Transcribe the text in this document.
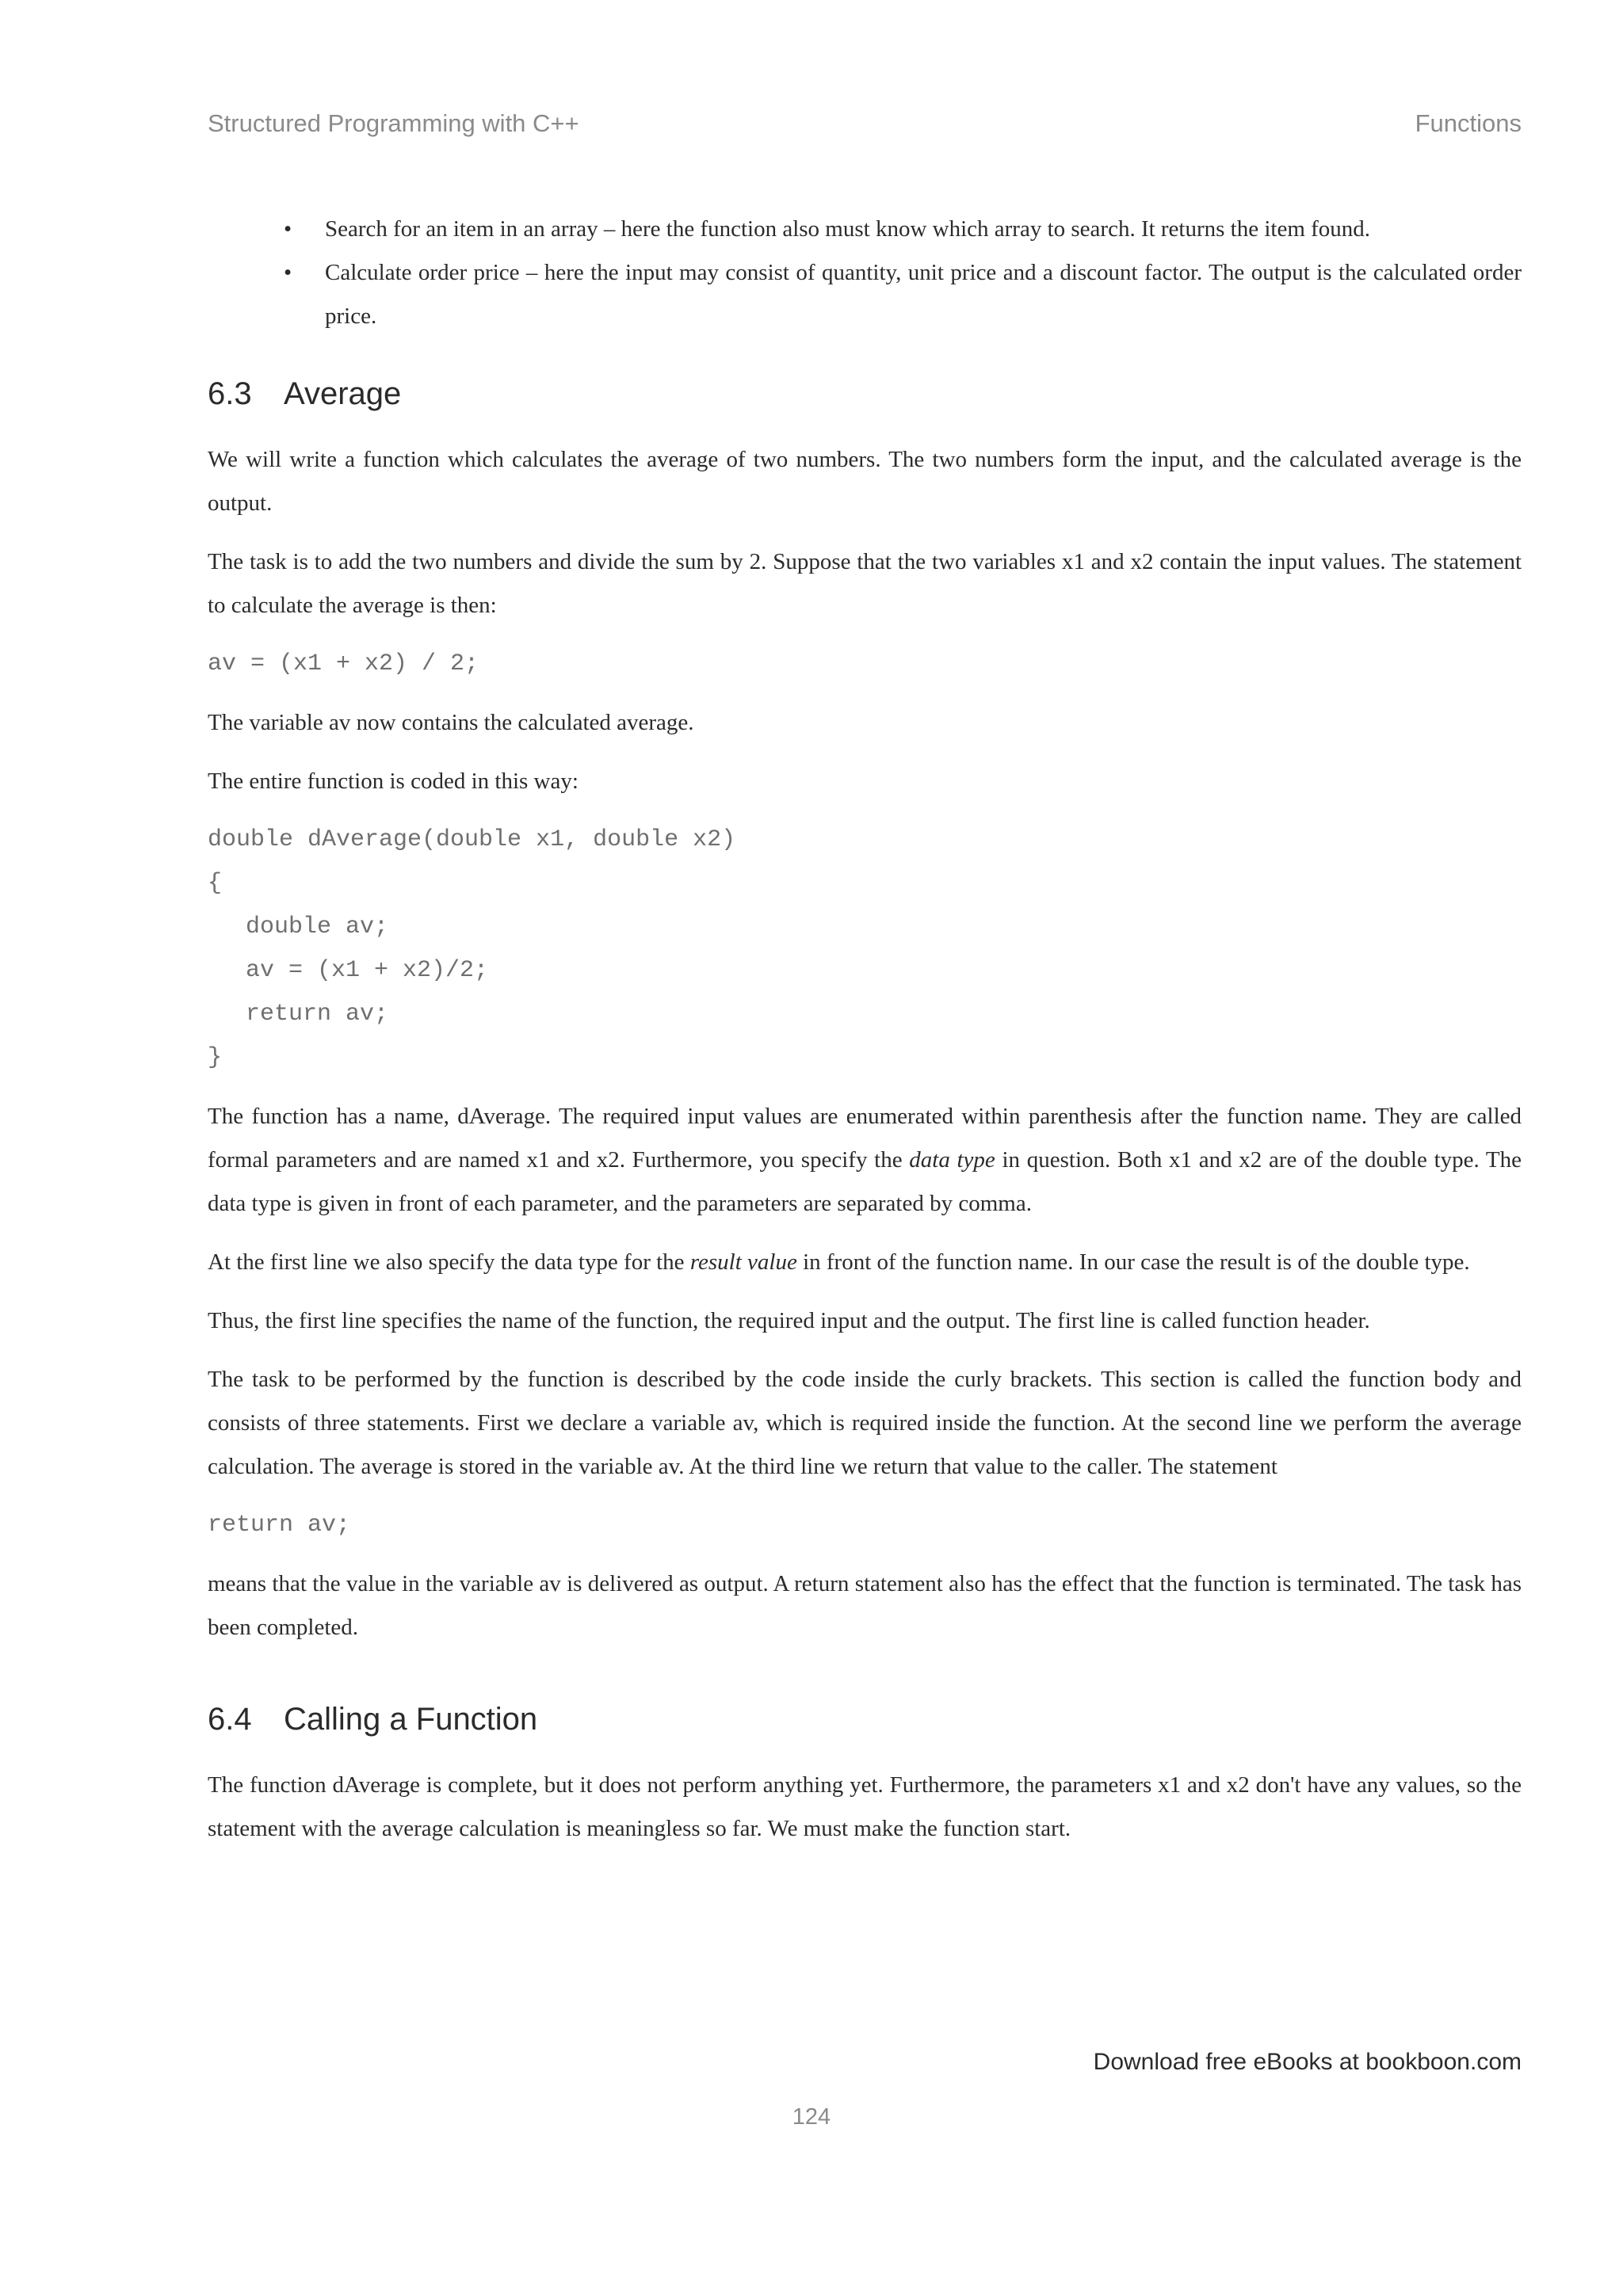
Structured Programming with C++	Functions
• Search for an item in an array – here the function also must know which array to search. It returns the item found.
• Calculate order price – here the input may consist of quantity, unit price and a discount factor. The output is the calculated order price.
6.3 Average

We will write a function which calculates the average of two numbers. The two numbers form the input, and the calculated average is the output.

The task is to add the two numbers and divide the sum by 2. Suppose that the two variables x1 and x2 contain the input values. The statement to calculate the average is then:

av = (x1 + x2) / 2;

The variable av now contains the calculated average.

The entire function is coded in this way:

double dAverage(double x1, double x2)
{
double av;
av = (x1 + x2)/2;
return av;
}

The function has a name, dAverage. The required input values are enumerated within parenthesis after the function name. They are called formal parameters and are named x1 and x2. Furthermore, you specify the data type in question. Both x1 and x2 are of the double type. The data type is given in front of each parameter, and the parameters are separated by comma.

At the first line we also specify the data type for the result value in front of the function name. In our case the result is of the double type.

Thus, the first line specifies the name of the function, the required input and the output. The first line is called function header.

The task to be performed by the function is described by the code inside the curly brackets. This section is called the function body and consists of three statements. First we declare a variable av, which is required inside the function. At the second line we perform the average calculation. The average is stored in the variable av. At the third line we return that value to the caller. The statement

return av;

means that the value in the variable av is delivered as output. A return statement also has the effect that the function is terminated. The task has been completed.

6.4 Calling a Function

The function dAverage is complete, but it does not perform anything yet. Furthermore, the parameters x1 and x2 don't have any values, so the statement with the average calculation is meaningless so far. We must make the function start.

Download free eBooks at bookboon.com
124
